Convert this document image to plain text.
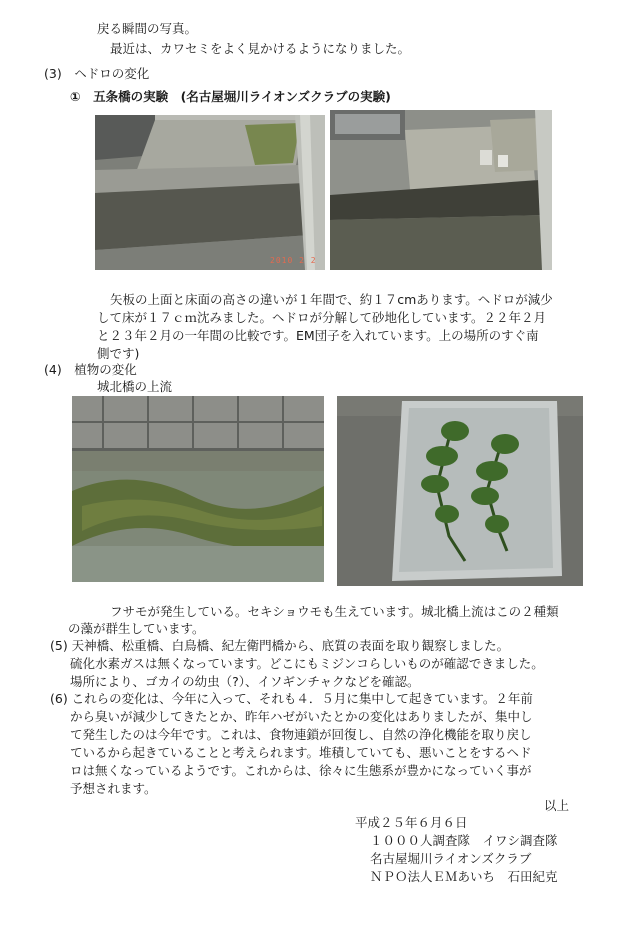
戻る瞬間の写真。
最近は、カワセミをよく見かけるようになりました。
(3)　ヘドロの変化
①　五条橋の実験　(名古屋堀川ライオンズクラブの実験)
2010 2 2
矢板の上面と床面の高さの違いが１年間で、約１７cmあります。ヘドロが減少
して床が１７ｃｍ沈みました。ヘドロが分解して砂地化しています。２２年２月
と２３年２月の一年間の比較です。EM団子を入れています。上の場所のすぐ南
側です)
(4)　植物の変化
城北橋の上流
フサモが発生している。セキショウモも生えています。城北橋上流はこの２種類
の藻が群生しています。
(5) 天神橋、松重橋、白鳥橋、紀左衛門橋から、底質の表面を取り観察しました。
硫化水素ガスは無くなっています。どこにもミジンコらしいものが確認できました。
場所により、ゴカイの幼虫（?）、イソギンチャクなどを確認。
(6) これらの変化は、今年に入って、それも４．５月に集中して起きています。２年前
から臭いが減少してきたとか、昨年ハゼがいたとかの変化はありましたが、集中し
て発生したのは今年です。これは、食物連鎖が回復し、自然の浄化機能を取り戻し
ているから起きていることと考えられます。堆積していても、悪いことをするヘド
ロは無くなっているようです。これからは、徐々に生態系が豊かになっていく事が
予想されます。
以上
平成２５年６月６日
１０００人調査隊　イワシ調査隊
名古屋堀川ライオンズクラブ
ＮＰＯ法人ＥＭあいち　石田紀克
